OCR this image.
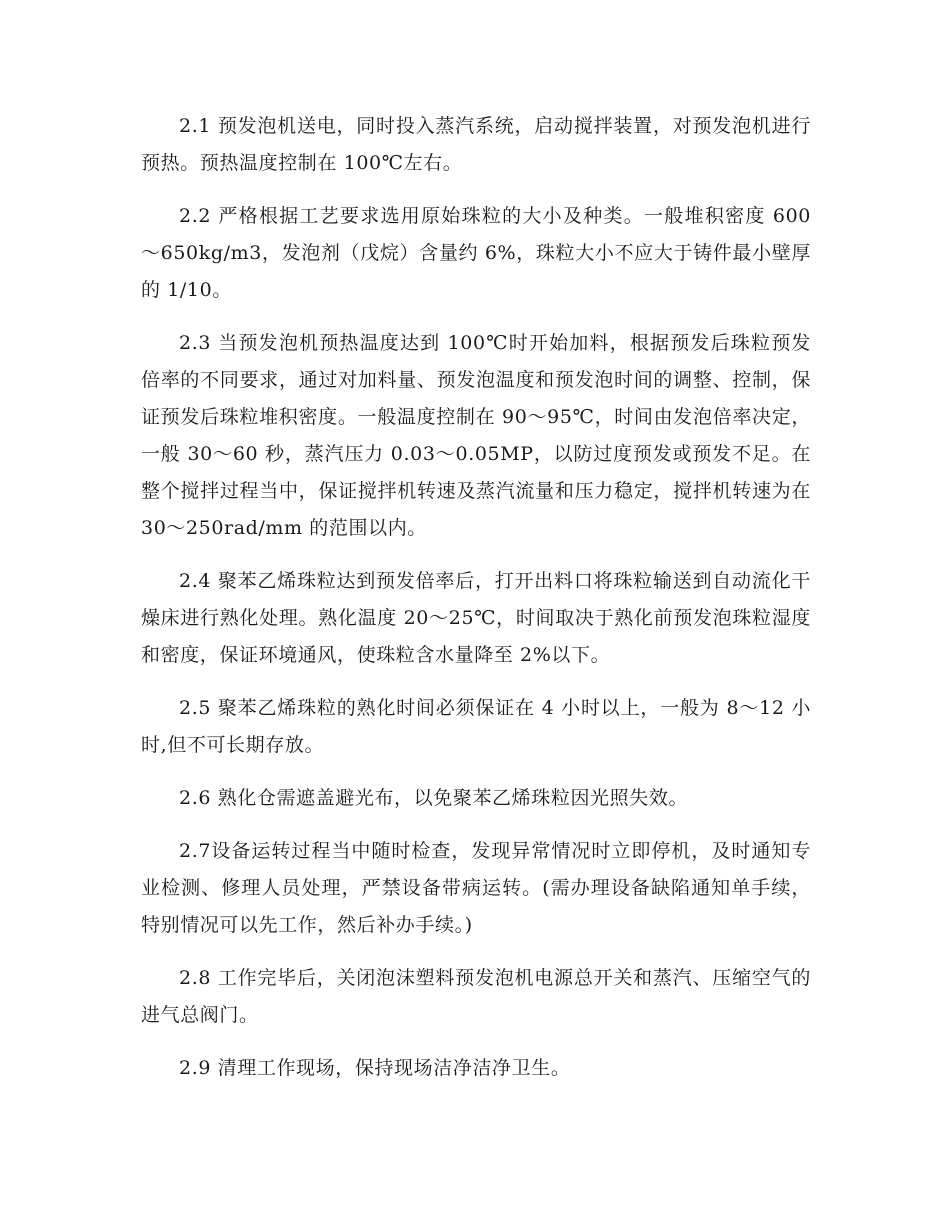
2.1 预发泡机送电，同时投入蒸汽系统，启动搅拌装置，对预发泡机进行预热。预热温度控制在 100℃左右。

2.2 严格根据工艺要求选用原始珠粒的大小及种类。一般堆积密度 600～650kg/m3，发泡剂（戊烷）含量约 6%，珠粒大小不应大于铸件最小壁厚的 1/10。

2.3 当预发泡机预热温度达到 100℃时开始加料，根据预发后珠粒预发倍率的不同要求，通过对加料量、预发泡温度和预发泡时间的调整、控制，保证预发后珠粒堆积密度。一般温度控制在 90～95℃，时间由发泡倍率决定，一般 30～60 秒，蒸汽压力 0.03～0.05MP，以防过度预发或预发不足。在整个搅拌过程当中，保证搅拌机转速及蒸汽流量和压力稳定，搅拌机转速为在 30～250rad/mm 的范围以内。

2.4 聚苯乙烯珠粒达到预发倍率后，打开出料口将珠粒输送到自动流化干燥床进行熟化处理。熟化温度 20～25℃，时间取决于熟化前预发泡珠粒湿度和密度，保证环境通风，使珠粒含水量降至 2%以下。

2.5 聚苯乙烯珠粒的熟化时间必须保证在 4 小时以上，一般为 8～12 小时,但不可长期存放。

2.6 熟化仓需遮盖避光布，以免聚苯乙烯珠粒因光照失效。

2.7设备运转过程当中随时检查，发现异常情况时立即停机，及时通知专业检测、修理人员处理，严禁设备带病运转。(需办理设备缺陷通知单手续，特别情况可以先工作，然后补办手续。)

2.8 工作完毕后，关闭泡沫塑料预发泡机电源总开关和蒸汽、压缩空气的进气总阀门。

2.9 清理工作现场，保持现场洁净洁净卫生。
